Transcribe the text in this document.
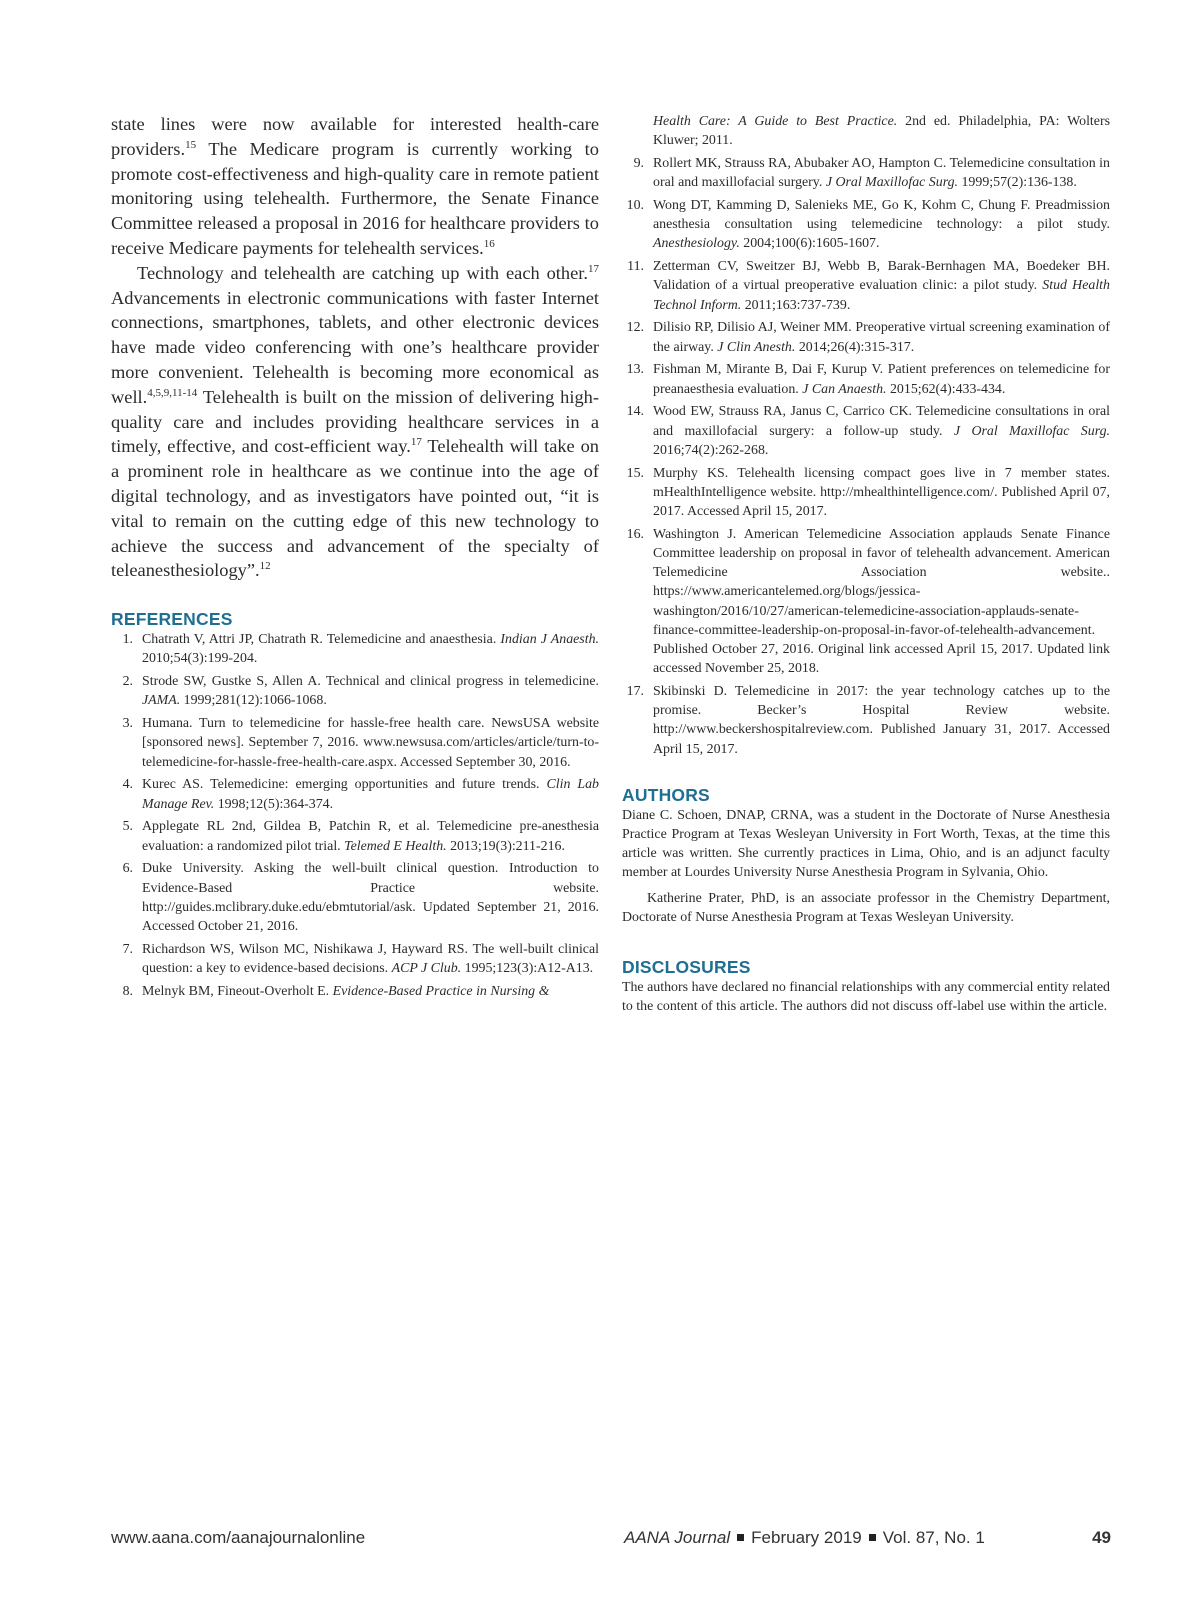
state lines were now available for interested health-care providers.$^{15}$ The Medicare program is currently working to promote cost-effectiveness and high-quality care in remote patient monitoring using telehealth. Furthermore, the Senate Finance Committee released a proposal in 2016 for healthcare providers to receive Medicare payments for telehealth services.$^{16}$

Technology and telehealth are catching up with each other.$^{17}$ Advancements in electronic communications with faster Internet connections, smartphones, tablets, and other electronic devices have made video conferencing with one’s healthcare provider more convenient. Telehealth is becoming more economical as well.$^{4,5,9,11-14}$ Telehealth is built on the mission of delivering high-quality care and includes providing healthcare services in a timely, effective, and cost-efficient way.$^{17}$ Telehealth will take on a prominent role in healthcare as we continue into the age of digital technology, and as investigators have pointed out, “it is vital to remain on the cutting edge of this new technology to achieve the success and advancement of the specialty of teleanesthesiology”.$^{12}$

REFERENCES
1. Chatrath V, Attri JP, Chatrath R. Telemedicine and anaesthesia. Indian J Anaesth. 2010;54(3):199-204.
2. Strode SW, Gustke S, Allen A. Technical and clinical progress in telemedicine. JAMA. 1999;281(12):1066-1068.
3. Humana. Turn to telemedicine for hassle-free health care. NewsUSA website [sponsored news]. September 7, 2016. www.newsusa.com/articles/article/turn-to-telemedicine-for-hassle-free-health-care.aspx. Accessed September 30, 2016.
4. Kurec AS. Telemedicine: emerging opportunities and future trends. Clin Lab Manage Rev. 1998;12(5):364-374.
5. Applegate RL 2nd, Gildea B, Patchin R, et al. Telemedicine pre-anesthesia evaluation: a randomized pilot trial. Telemed E Health. 2013;19(3):211-216.
6. Duke University. Asking the well-built clinical question. Introduction to Evidence-Based Practice website. http://guides.mclibrary.duke.edu/ebmtutorial/ask. Updated September 21, 2016. Accessed October 21, 2016.
7. Richardson WS, Wilson MC, Nishikawa J, Hayward RS. The well-built clinical question: a key to evidence-based decisions. ACP J Club. 1995;123(3):A12-A13.
8. Melnyk BM, Fineout-Overholt E. Evidence-Based Practice in Nursing &
Health Care: A Guide to Best Practice. 2nd ed. Philadelphia, PA: Wolters Kluwer; 2011.
9. Rollert MK, Strauss RA, Abubaker AO, Hampton C. Telemedicine consultation in oral and maxillofacial surgery. J Oral Maxillofac Surg. 1999;57(2):136-138.
10. Wong DT, Kamming D, Salenieks ME, Go K, Kohm C, Chung F. Preadmission anesthesia consultation using telemedicine technology: a pilot study. Anesthesiology. 2004;100(6):1605-1607.
11. Zetterman CV, Sweitzer BJ, Webb B, Barak-Bernhagen MA, Boedeker BH. Validation of a virtual preoperative evaluation clinic: a pilot study. Stud Health Technol Inform. 2011;163:737-739.
12. Dilisio RP, Dilisio AJ, Weiner MM. Preoperative virtual screening examination of the airway. J Clin Anesth. 2014;26(4):315-317.
13. Fishman M, Mirante B, Dai F, Kurup V. Patient preferences on telemedicine for preanaesthesia evaluation. J Can Anaesth. 2015;62(4):433-434.
14. Wood EW, Strauss RA, Janus C, Carrico CK. Telemedicine consultations in oral and maxillofacial surgery: a follow-up study. J Oral Maxillofac Surg. 2016;74(2):262-268.
15. Murphy KS. Telehealth licensing compact goes live in 7 member states. mHealthIntelligence website. http://mhealthintelligence.com/. Published April 07, 2017. Accessed April 15, 2017.
16. Washington J. American Telemedicine Association applauds Senate Finance Committee leadership on proposal in favor of telehealth advancement. American Telemedicine Association website.. https://www.americantelemed.org/blogs/jessica-washington/2016/10/27/american-telemedicine-association-applauds-senate-finance-committee-leadership-on-proposal-in-favor-of-telehealth-advancement. Published October 27, 2016. Original link accessed April 15, 2017. Updated link accessed November 25, 2018.
17. Skibinski D. Telemedicine in 2017: the year technology catches up to the promise. Becker’s Hospital Review website. http://www.beckershospitalreview.com. Published January 31, 2017. Accessed April 15, 2017.
AUTHORS

Diane C. Schoen, DNAP, CRNA, was a student in the Doctorate of Nurse Anesthesia Practice Program at Texas Wesleyan University in Fort Worth, Texas, at the time this article was written. She currently practices in Lima, Ohio, and is an adjunct faculty member at Lourdes University Nurse Anesthesia Program in Sylvania, Ohio.

Katherine Prater, PhD, is an associate professor in the Chemistry Department, Doctorate of Nurse Anesthesia Program at Texas Wesleyan University.

DISCLOSURES

The authors have declared no financial relationships with any commercial entity related to the content of this article. The authors did not discuss off-label use within the article.

www.aana.com/aanajournalonline	AANA Journal February 2019 Vol. 87, No. 1	49
